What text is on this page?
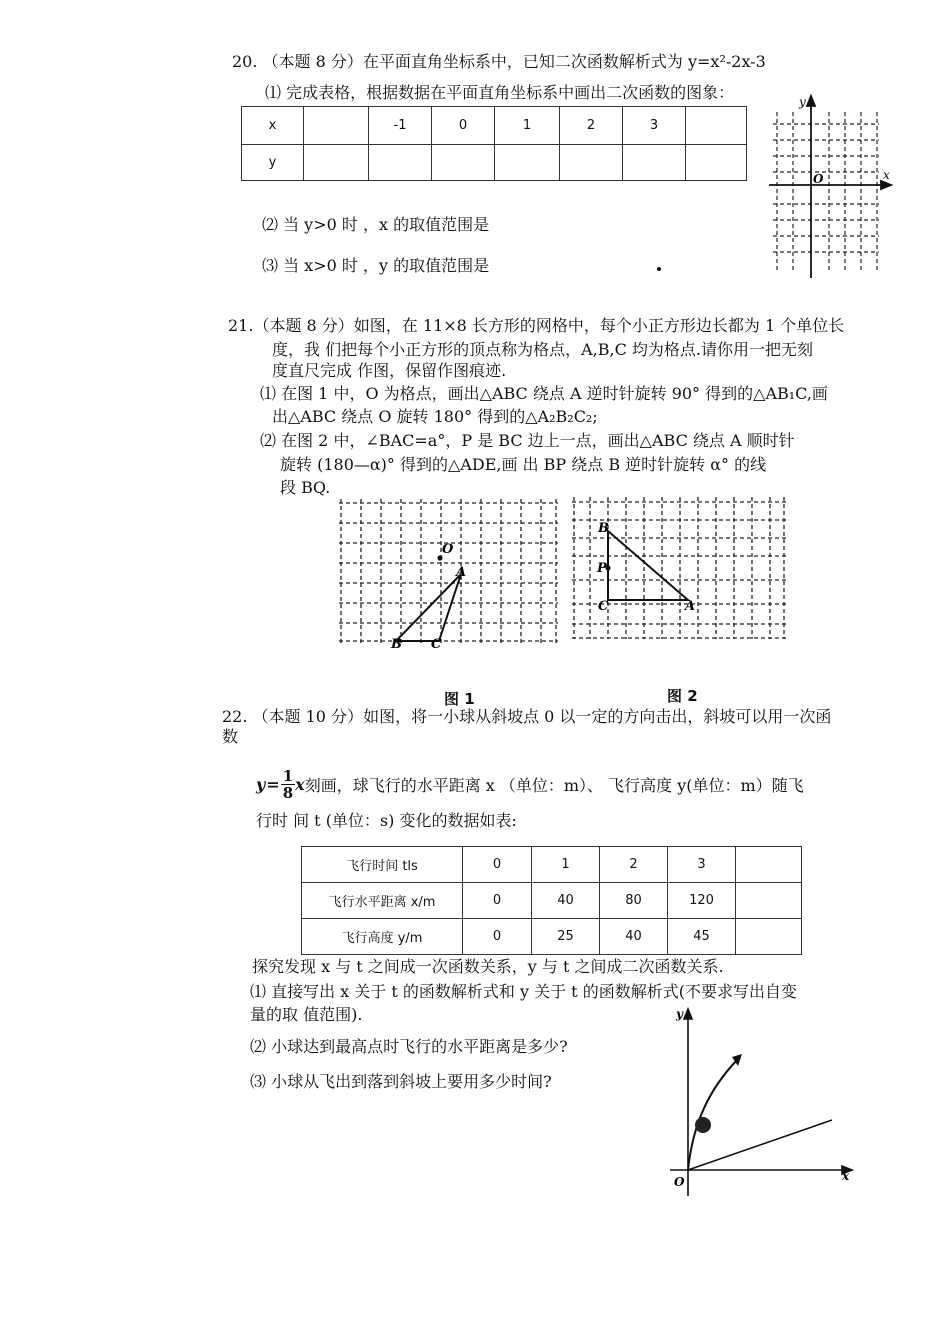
20. （本题 8 分）在平面直角坐标系中，已知二次函数解析式为 y=x²-2x-3
⑴ 完成表格，根据数据在平面直角坐标系中画出二次函数的图象：
x		-1	0	1	2	3	
y							
y
x
O
⑵ 当 y>0 时 ，x 的取值范围是
⑶ 当 x>0 时 ，y 的取值范围是
21.（本题 8 分）如图，在 11×8 长方形的网格中，每个小正方形边长都为 1 个单位长
度，我 们把每个小正方形的顶点称为格点，A,B,C 均为格点.请你用一把无刻
度直尺完成 作图，保留作图痕迹.
⑴ 在图 1 中，O 为格点，画出△ABC 绕点 A 逆时针旋转 90° 得到的△AB₁C,画
出△ABC 绕点 O 旋转 180° 得到的△A₂B₂C₂;
⑵ 在图 2 中，∠BAC=a°，P 是 BC 边上一点，画出△ABC 绕点 A 顺时针
旋转 (180—α)° 得到的△ADE,画 出 BP 绕点 B 逆时针旋转 α° 的线
段 BQ.
O
A
B C
B
P
C	A
图 1	图 2
22. （本题 10 分）如图，将一小球从斜坡点 0 以一定的方向击出，斜坡可以用一次函
数
$y = \frac{1}{8}$ x 刻画，球飞行的水平距离 x （单位：m）、 飞行高度 y(单位：m）随飞
行时 间 t (单位：s) 变化的数据如表:
飞行时间 tls	0	1	2	3	
飞行水平距离 x/m	0	40	80	120	
飞行高度 y/m	0	25	40	45	
探究发现 x 与 t 之间成一次函数关系，y 与 t 之间成二次函数关系.
⑴ 直接写出 x 关于 t 的函数解析式和 y 关于 t 的函数解析式(不要求写出自变
量的取 值范围).
⑵ 小球达到最高点时飞行的水平距离是多少?
⑶ 小球从飞出到落到斜坡上要用多少时间?
y
x
O
